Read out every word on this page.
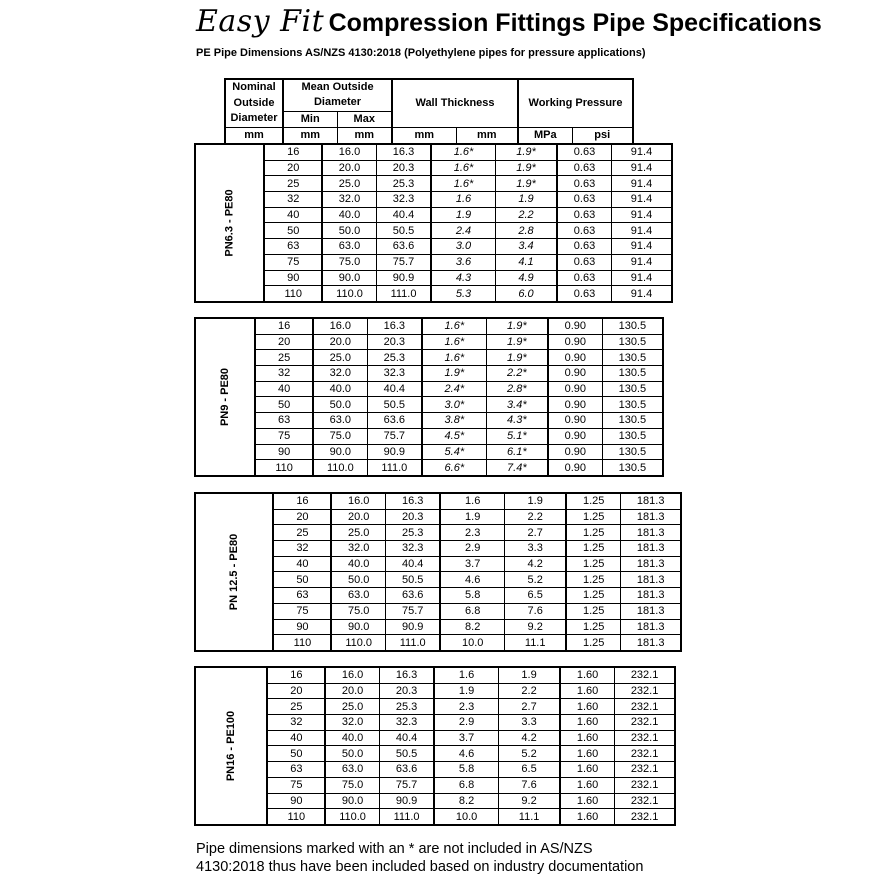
Easy Fit Compression Fittings Pipe Specifications
PE Pipe Dimensions AS/NZS 4130:2018 (Polyethylene pipes for pressure applications)
	Nominal	Mean Outside Diameter		Wall Thickness		Working Pressure	
	Outside						
	Diameter	Min	Max				
	mm	mm	mm	mm	mm	MPa	psi
PN6.3 - PE80	16	16.0	16.3	1.6*	1.9*	0.63	91.4
	20	20.0	20.3	1.6*	1.9*	0.63	91.4
	25	25.0	25.3	1.6*	1.9*	0.63	91.4
	32	32.0	32.3	1.6	1.9	0.63	91.4
	40	40.0	40.4	1.9	2.2	0.63	91.4
	50	50.0	50.5	2.4	2.8	0.63	91.4
	63	63.0	63.6	3.0	3.4	0.63	91.4
	75	75.0	75.7	3.6	4.1	0.63	91.4
	90	90.0	90.9	4.3	4.9	0.63	91.4
	110	110.0	111.0	5.3	6.0	0.63	91.4
PN9 - PE80	16	16.0	16.3	1.6*	1.9*	0.90	130.5
	20	20.0	20.3	1.6*	1.9*	0.90	130.5
	25	25.0	25.3	1.6*	1.9*	0.90	130.5
	32	32.0	32.3	1.9*	2.2*	0.90	130.5
	40	40.0	40.4	2.4*	2.8*	0.90	130.5
	50	50.0	50.5	3.0*	3.4*	0.90	130.5
	63	63.0	63.6	3.8*	4.3*	0.90	130.5
	75	75.0	75.7	4.5*	5.1*	0.90	130.5
	90	90.0	90.9	5.4*	6.1*	0.90	130.5
	110	110.0	111.0	6.6*	7.4*	0.90	130.5
PN 12.5 - PE80	16	16.0	16.3	1.6	1.9	1.25	181.3
	20	20.0	20.3	1.9	2.2	1.25	181.3
	25	25.0	25.3	2.3	2.7	1.25	181.3
	32	32.0	32.3	2.9	3.3	1.25	181.3
	40	40.0	40.4	3.7	4.2	1.25	181.3
	50	50.0	50.5	4.6	5.2	1.25	181.3
	63	63.0	63.6	5.8	6.5	1.25	181.3
	75	75.0	75.7	6.8	7.6	1.25	181.3
	90	90.0	90.9	8.2	9.2	1.25	181.3
	110	110.0	111.0	10.0	11.1	1.25	181.3
PN16 - PE100	16	16.0	16.3	1.6	1.9	1.60	232.1
	20	20.0	20.3	1.9	2.2	1.60	232.1
	25	25.0	25.3	2.3	2.7	1.60	232.1
	32	32.0	32.3	2.9	3.3	1.60	232.1
	40	40.0	40.4	3.7	4.2	1.60	232.1
	50	50.0	50.5	4.6	5.2	1.60	232.1
	63	63.0	63.6	5.8	6.5	1.60	232.1
	75	75.0	75.7	6.8	7.6	1.60	232.1
	90	90.0	90.9	8.2	9.2	1.60	232.1
	110	110.0	111.0	10.0	11.1	1.60	232.1
Pipe dimensions marked with an * are not included in AS/NZS 4130:2018 thus have been included based on industry documentation
